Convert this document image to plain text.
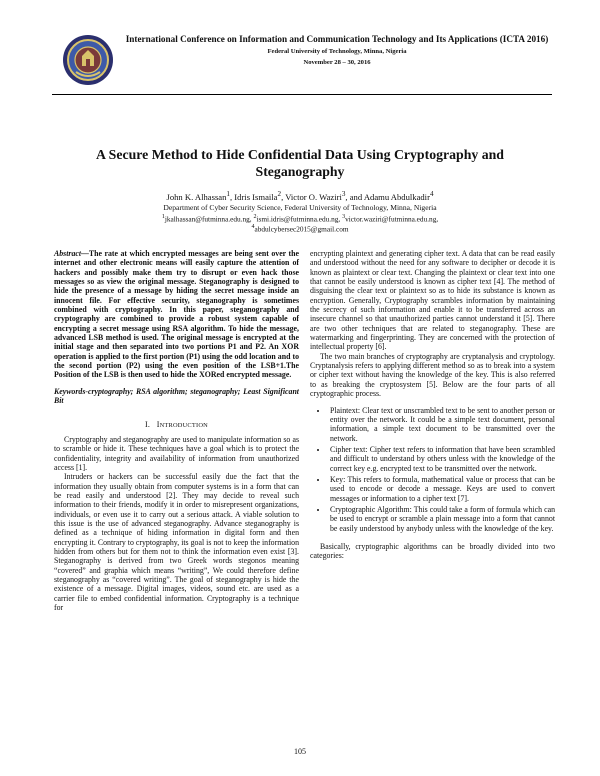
International Conference on Information and Communication Technology and Its Applications (ICTA 2016)
Federal University of Technology, Minna, Nigeria
November 28 – 30, 2016
A Secure Method to Hide Confidential Data Using Cryptography and Steganography
John K. Alhassan$^1$, Idris Ismaila$^2$, Victor O. Waziri$^3$, and Adamu Abdulkadir$^4$
Department of Cyber Security Science, Federal University of Technology, Minna, Nigeria
$^1$jkalhassan@futminna.edu.ng, $^2$ismi.idris@futminna.edu.ng, $^3$victor.waziri@futminna.edu.ng,
$^4$abdulcybersec2015@gmail.com

Abstract—The rate at which encrypted messages are being sent over the internet and other electronic means will easily capture the attention of hackers and possibly make them try to disrupt or even hack those messages so as view the original message. Steganography is designed to hide the presence of a message by hiding the secret message inside an innocent file. For effective security, steganography is sometimes combined with cryptography. In this paper, steganography and cryptography are combined to provide a robust system capable of encrypting a secret message using RSA algorithm. To hide the message, advanced LSB method is used. The original message is encrypted at the initial stage and then separated into two portions P1 and P2. An XOR operation is applied to the first portion (P1) using the odd location and to the second portion (P2) using the even position of the LSB+1.The Position of the LSB is then used to hide the XORed encrypted message.

Keywords-cryptography; RSA algorithm; steganography; Least Significant Bit

I. INTRODUCTION

Cryptography and steganography are used to manipulate information so as to scramble or hide it. These techniques have a goal which is to protect the confidentiality, integrity and availability of information from unauthorized access [1].

Intruders or hackers can be successful easily due the fact that the information they usually obtain from computer systems is in a form that can be read easily and understood [2]. They may decide to reveal such information to their friends, modify it in order to misrepresent organizations, individuals, or even use it to carry out a serious attack. A viable solution to this issue is the use of advanced steganography. Advance steganography is defined as a technique of hiding information in digital form and then encrypting it. Contrary to cryptography, its goal is not to keep the information hidden from others but for them not to think the information even exist [3]. Steganography is derived from two Greek words stegonos meaning “covered” and graphia which means “writing”, We could therefore define steganography as “covered writing”. The goal of steganography is hide the existence of a message. Digital images, videos, sound etc. are used as a carrier file to embed confidential information. Cryptography is a technique for

encrypting plaintext and generating cipher text. A data that can be read easily and understood without the need for any software to decipher or decode it is known as plaintext or clear text. Changing the plaintext or clear text into one that cannot be easily understood is known as cipher text [4]. The method of disguising the clear text or plaintext so as to hide its substance is known as encryption. Generally, Cryptography scrambles information by maintaining the secrecy of such information and enable it to be transferred across an insecure channel so that unauthorized parties cannot understand it [5]. There are two other techniques that are related to steganography. These are watermarking and fingerprinting. They are concerned with the protection of intellectual property [6].

The two main branches of cryptography are cryptanalysis and cryptology. Cryptanalysis refers to applying different method so as to break into a system or cipher text without having the knowledge of the key. This is also referred to as breaking the cryptosystem [5]. Below are the four parts of all cryptographic process.

• Plaintext: Clear text or unscrambled text to be sent to another person or entity over the network. It could be a simple text document, personal information, a simple text document to be transmitted over the network.
• Cipher text: Cipher text refers to information that have been scrambled and difficult to understand by others unless with the knowledge of the correct key e.g. encrypted text to be transmitted over the network.
• Key: This refers to formula, mathematical value or process that can be used to encode or decode a message. Keys are used to convert messages or information to a cipher text [7].
• Cryptographic Algorithm: This could take a form of formula which can be used to encrypt or scramble a plain message into a form that cannot be easily understood by anybody unless with the knowledge of the key.

Basically, cryptographic algorithms can be broadly divided into two categories:

105
